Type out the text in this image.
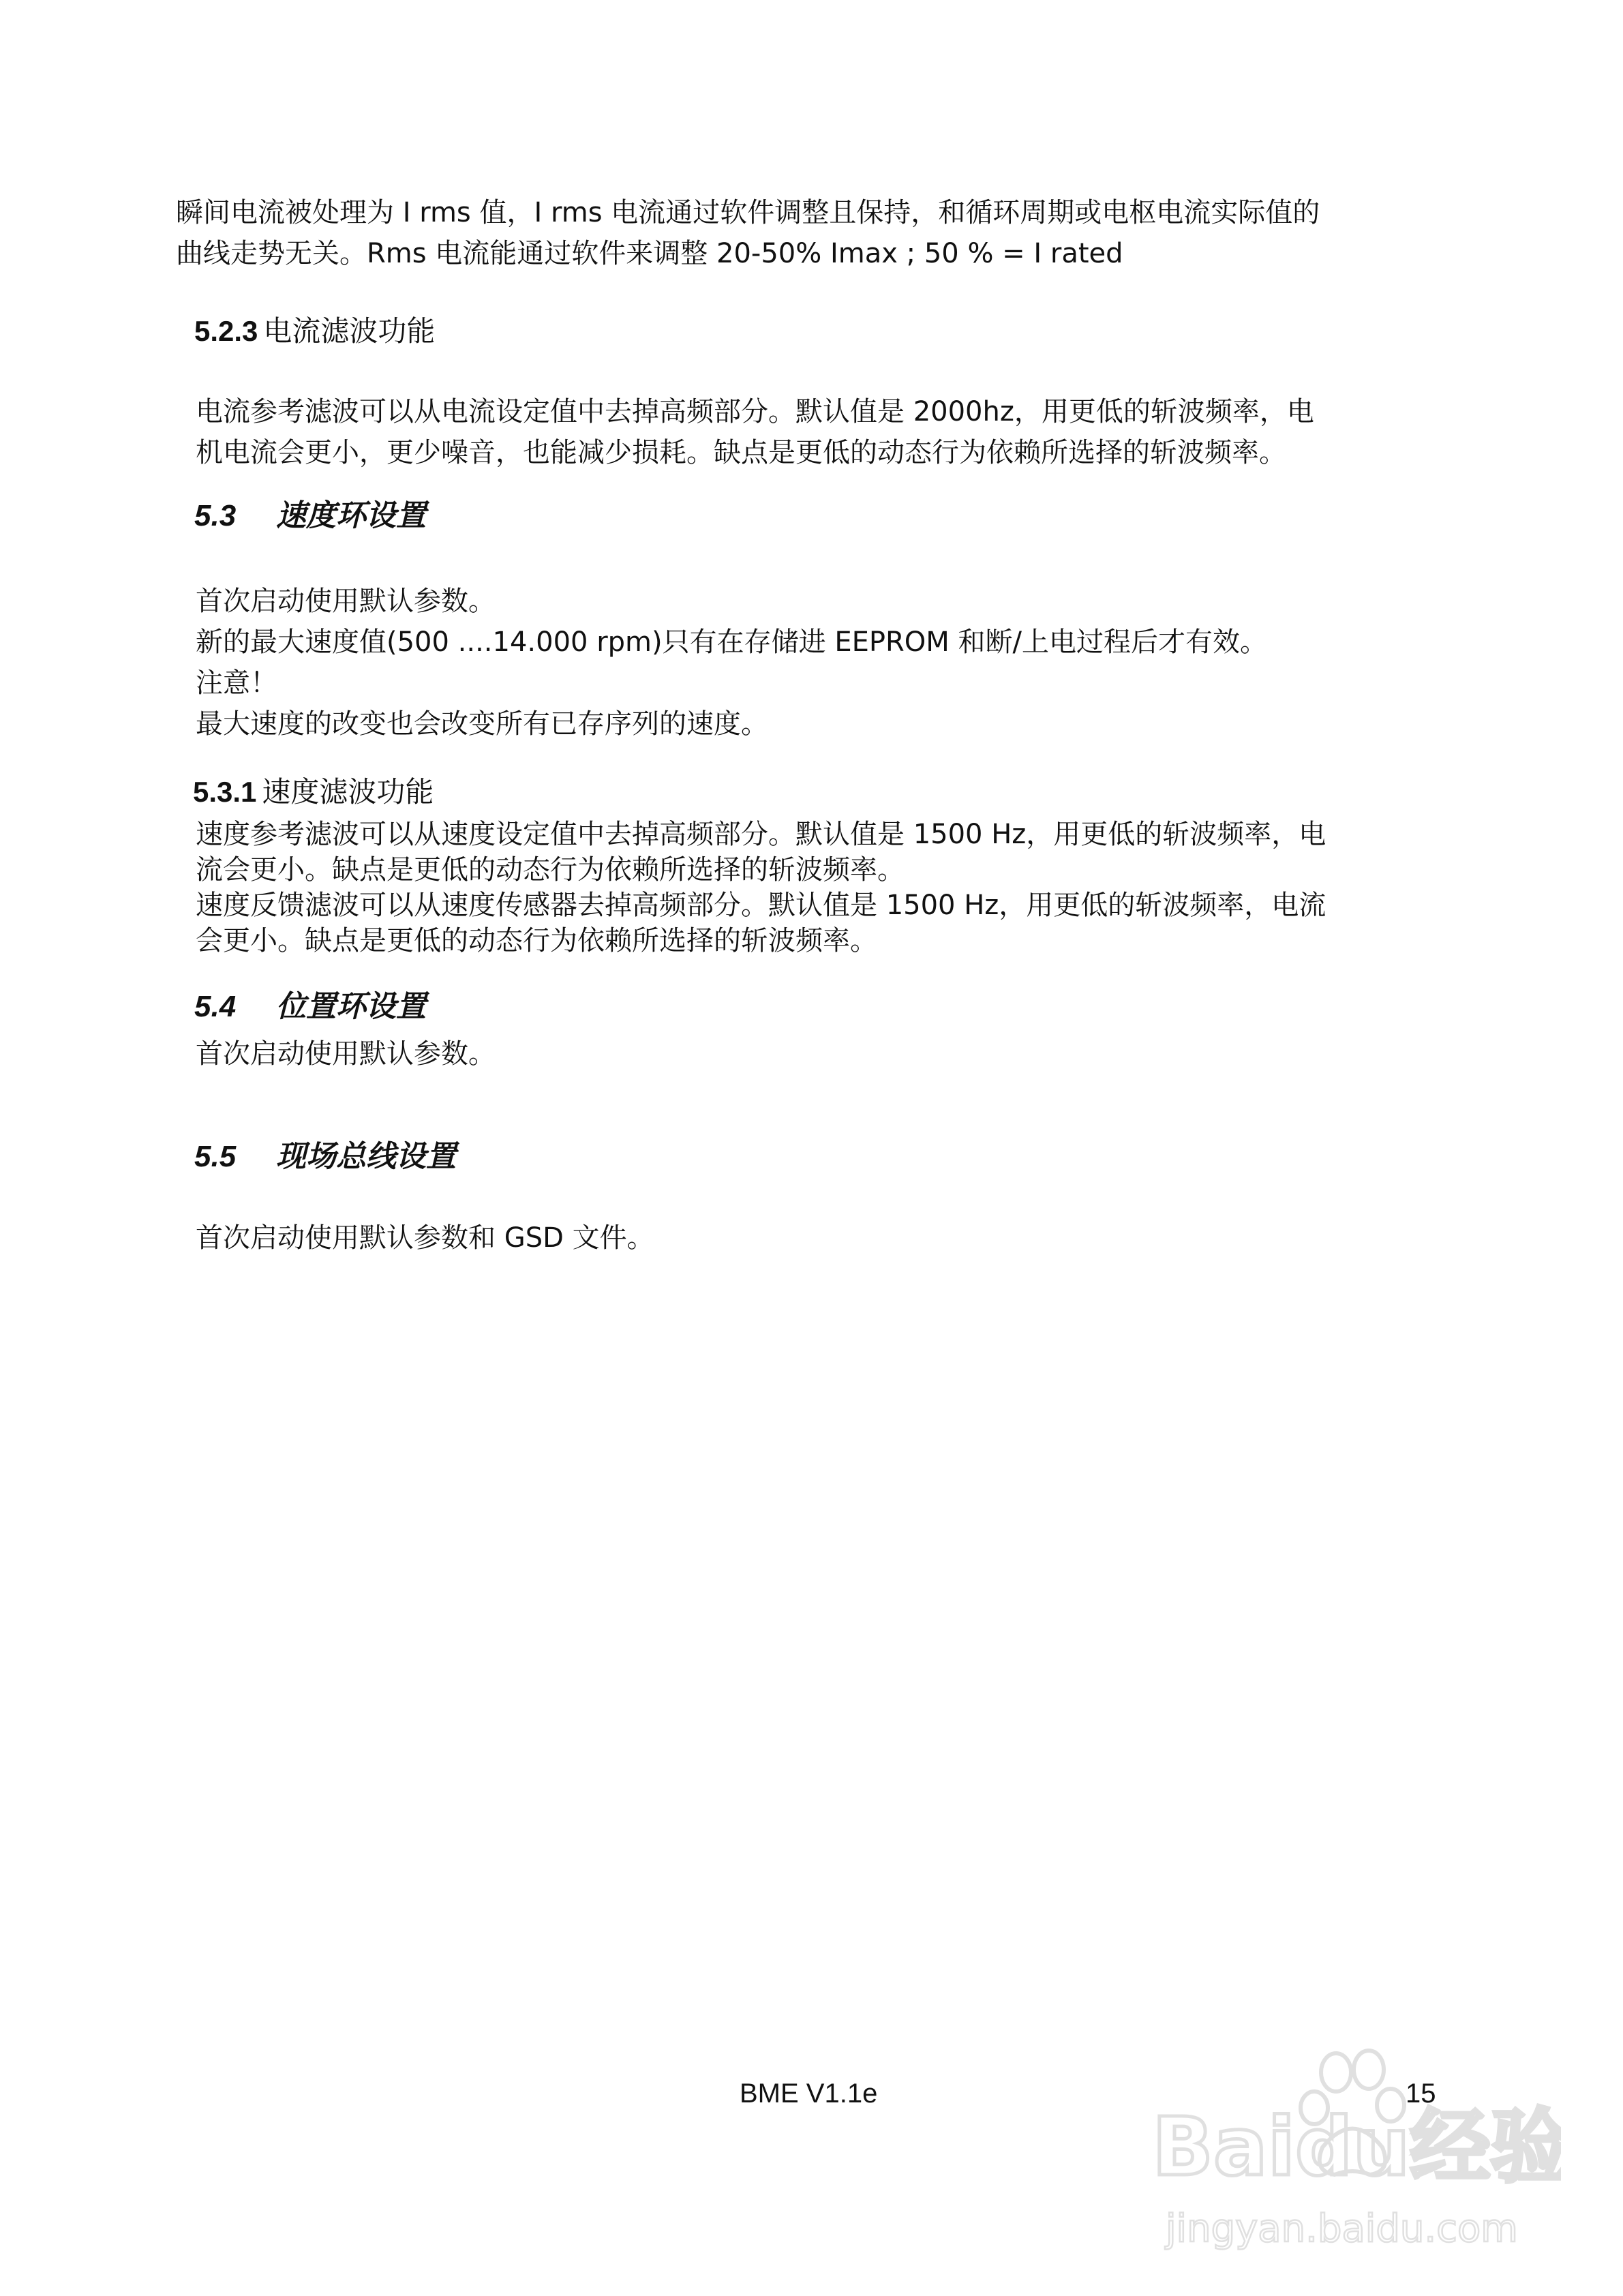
瞬间电流被处理为 I rms 值，I rms 电流通过软件调整且保持，和循环周期或电枢电流实际值的
曲线走势无关。Rms 电流能通过软件来调整 20-50% Imax ; 50 % = I rated
5.2.3 电流滤波功能
电流参考滤波可以从电流设定值中去掉高频部分。默认值是 2000hz，用更低的斩波频率，电
机电流会更小，更少噪音，也能减少损耗。缺点是更低的动态行为依赖所选择的斩波频率。
5.3 速度环设置
首次启动使用默认参数。
新的最大速度值(500 ....14.000 rpm)只有在存储进 EEPROM 和断/上电过程后才有效。
注意！
最大速度的改变也会改变所有已存序列的速度。
5.3.1 速度滤波功能
速度参考滤波可以从速度设定值中去掉高频部分。默认值是 1500 Hz，用更低的斩波频率，电
流会更小。缺点是更低的动态行为依赖所选择的斩波频率。
速度反馈滤波可以从速度传感器去掉高频部分。默认值是 1500 Hz，用更低的斩波频率，电流
会更小。缺点是更低的动态行为依赖所选择的斩波频率。
5.4 位置环设置
首次启动使用默认参数。
5.5 现场总线设置
首次启动使用默认参数和 GSD 文件。
BME V1.1e	15
Baidu经验
jingyan.baidu.com
